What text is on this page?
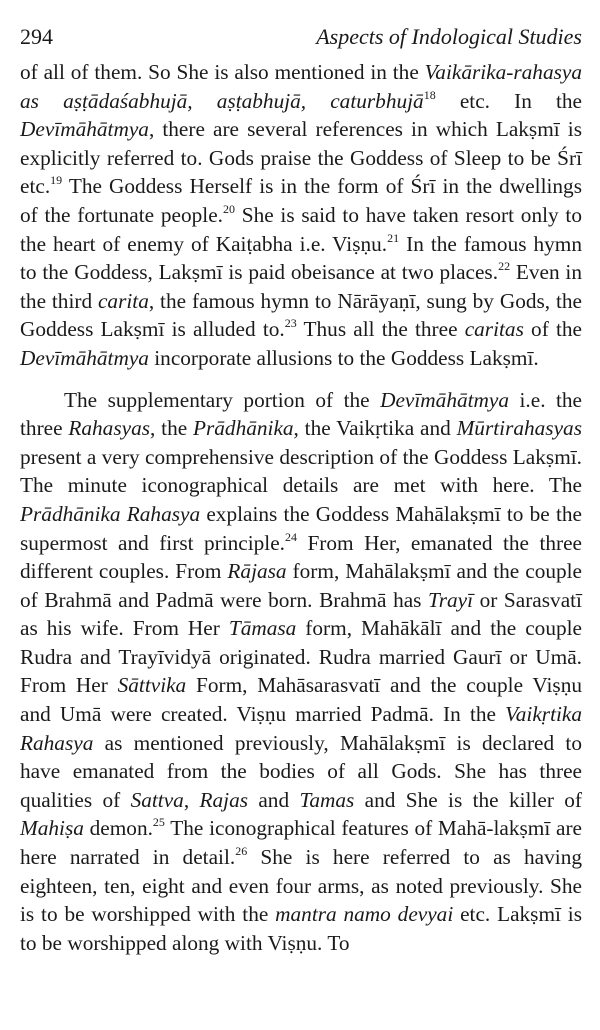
294	Aspects of Indological Studies

of all of them. So She is also mentioned in the Vaikārika-rahasya as aṣṭādaśabhujā, aṣṭabhujā, caturbhujā$^{18}$ etc. In the Devīmāhātmya, there are several references in which Lakṣmī is explicitly referred to. Gods praise the Goddess of Sleep to be Śrī etc.$^{19}$ The Goddess Herself is in the form of Śrī in the dwellings of the fortunate people.$^{20}$ She is said to have taken resort only to the heart of enemy of Kaiṭabha i.e. Viṣṇu.$^{21}$ In the famous hymn to the Goddess, Lakṣmī is paid obeisance at two places.$^{22}$ Even in the third carita, the famous hymn to Nārāyaṇī, sung by Gods, the Goddess Lakṣmī is alluded to.$^{23}$ Thus all the three caritas of the Devīmāhātmya incorporate allusions to the Goddess Lakṣmī.

The supplementary portion of the Devīmāhātmya i.e. the three Rahasyas, the Prādhānika, the Vaikṛtika and Mūrtirahasyas present a very comprehensive description of the Goddess Lakṣmī. The minute iconographical details are met with here. The Prādhānika Rahasya explains the Goddess Mahālakṣmī to be the supermost and first principle.$^{24}$ From Her, emanated the three different couples. From Rājasa form, Mahālakṣmī and the couple of Brahmā and Padmā were born. Brahmā has Trayī or Sarasvatī as his wife. From Her Tāmasa form, Mahākālī and the couple Rudra and Trayīvidyā originated. Rudra married Gaurī or Umā. From Her Sāttvika Form, Mahāsarasvatī and the couple Viṣṇu and Umā were created. Viṣṇu married Padmā. In the Vaikṛtika Rahasya as mentioned previously, Mahālakṣmī is declared to have emanated from the bodies of all Gods. She has three qualities of Sattva, Rajas and Tamas and She is the killer of Mahiṣa demon.$^{25}$ The iconographical features of Mahā-lakṣmī are here narrated in detail.$^{26}$ She is here referred to as having eighteen, ten, eight and even four arms, as noted previously. She is to be worshipped with the mantra namo devyai etc. Lakṣmī is to be worshipped along with Viṣṇu. To
